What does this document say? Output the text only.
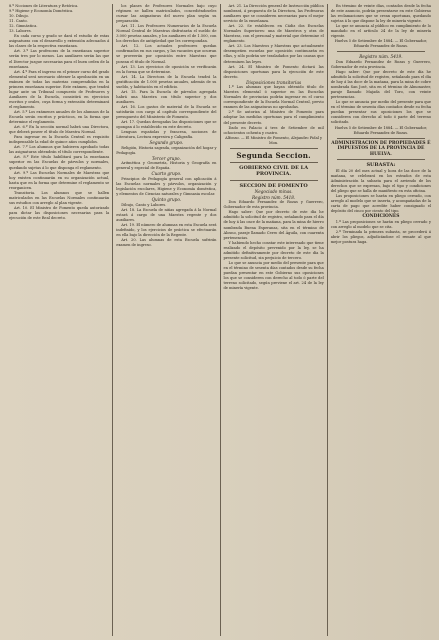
8.º Nociones de Literatura y Retórica.

9.º Higiene y Economía Doméstica.

10. Dibujo.

11. Canto.

12. Gimnástica.

13. Labores.

En cada curso y grado se dará el estudio de estas asignaturas con el desarrollo y extensión adecuados á las clases de la respectiva enseñanza.

Art. 3.º Las profesoras de la enseñanza superior serán tres por lo menos. Las auxiliares serán las que el Director juzgue necesarias para el buen orden de la enseñanza.

Art. 4.º Para el ingreso en el primer curso del grado elemental será necesario obtener la aprobación en un exámen de todas las materias comprendidas en la primera enseñanza superior. Este exámen, que tendrá lugar ante un Tribunal compuesto de Profesores y Auxiliares de la Escuela, consistirá en ejercicios escritos y orales, cuya forma y extensión determinará el reglamento.

Art. 5.º Los exámenes anuales de los alumnos de la Escuela serán escritos y prácticos, en la forma que determine el reglamento.

Art. 6.º En la sección normal habrá una Directora, que deberá poseer el título de Maestra Normal.

Para ingresar en la Escuela Central es requisito indispensable la edad de quince años cumplidos.

Art. 7.º Los alumnos que hubieren aprobado todas las asignaturas obtendrán el título correspondiente.

Art. 8.º Este título habilitará para la enseñanza superior en las Escuelas de párvulos y normales, quedando sujetas á lo que disponga el reglamento.

Art. 9.º Las Escuelas Normales de Maestras que hoy existen continuarán en su organización actual, hasta que en la forma que determine el reglamento se reorganicen.

Transitoria. Los alumnos que se hallen matriculados en las Escuelas Normales continuarán sus estudios con arreglo al plan vigente.

Art. 10. El Ministro de Fomento queda autorizado para dictar las disposiciones necesarias para la ejecución de este Real decreto.

los planes de Profesores Normales bajo cuyo régimen se hallen matriculados, concediéndoseles cursar las asignaturas del nuevo plan según su preparación.

Art. 11. Los Profesores Numerarios de la Escuela Normal Central de Maestras disfrutarán el sueldo de 3.000 pesetas anuales, y los auxiliares el de 1.500, con los derechos de antigüedad que les correspondan.

Art. 12. Los actuales profesores quedan confirmados en sus cargos, y las vacantes que ocurran se proveerán por oposición entre Maestras que posean el título de Normal.

Art. 13. Los ejercicios de oposición se verificarán en la forma que se determine.

Art. 14. La Directora de la Escuela tendrá la gratificación de 1.000 pesetas anuales, además de su sueldo, y habitación en el edificio.

Art. 15. Para la Escuela de párvulos agregada habrá una Maestra con título superior y dos auxiliares.

Art. 16. Los gastos de material de la Escuela se satisfarán con cargo al capítulo correspondiente del presupuesto del Ministerio de Fomento.

Art. 17. Quedan derogadas las disposiciones que se opongan á lo establecido en este decreto.

Lenguas españolas y francesa, nociones de Literatura, Lectura expresiva y Caligrafía.

Segundo grupo.

Religión, Historia sagrada, organización del hogar y Pedagogía.

Tercer grupo.

Aritmética y Geometría, Historia y Geografía en general y especial de España.

Cuarto grupo.

Principios de Pedagogía general con aplicación á las Escuelas normales y párvulos, organización y legislación escolares, Higiene y Economía doméstica, y elementos de Ciencias naturales y Gimnasia escolar.

Quinto grupo.

Dibujo, Canto y Labores.

Art. 18. La Escuela de niñas agregada á la Normal estará á cargo de una Maestra regente y dos auxiliares.

Art. 19. El número de alumnas en esta Escuela será indefinido, y los ejercicios de práctica se efectuarán en ella bajo la dirección de la Regente.

Art. 20. Las alumnas de esta Escuela sufrirán examen de ingreso.

Art. 21. La Dirección general de Instrucción pública nombrará, á propuesta de la Directora, las Profesoras auxiliares que se consideren necesarias para el mejor servicio de la enseñanza.

Art. 22. Se establecen en Cádiz dos Escuelas Normales Superiores: una de Maestros y otra de Maestras, con el personal y material que determine el reglamento.

Art. 23. Los Maestros y Maestras que actualmente desempeñen escuelas por oposición continuarán en ellas, y sólo podrán ser trasladados por las causas que determinen las leyes.

Art. 24. El Ministro de Fomento dictará las disposiciones oportunas para la ejecución de este decreto.

Disposiciones transitorias

1.ª Las alumnas que hayan obtenido título de Maestra elemental ó superior en las Escuelas Normales de provincias podrán ingresar en el curso correspondiente de la Escuela Normal Central, previo examen de las asignaturas no aprobadas.

2.ª Se autoriza al Ministro de Fomento para adoptar las medidas oportunas para el cumplimiento del presente decreto.

Dado en Palacio á tres de Setiembre de mil ochocientos ochenta y cuatro.

Alfonso. — El Ministro de Fomento, Alejandro Pidal y Mon.

Segunda Seccion.

GOBIERNO CIVIL DE LA PROVINCIA.

SECCION DE FOMENTO

Negociado minas.

Registro núm. 5418.

Don Eduardo Fernandez de Rozas y Guerrero, Gobernador de esta provincia.

Hago saber: Que por decreto de este día he admitido la solicitud de registro, señalando para el día de hoy á las once de la mañana, para la mina de hierro nombrada Buena Esperanza, sita en el término de Alosno, paraje llamado Cerro del Águila, con cuarenta pertenencias.

Y habiendo hecho constar este interesado que tiene realizado el depósito prevenido por la ley, se ha admitido definitivamente por decreto de este día la presente solicitud, sin perjuicio de tercero.

Lo que se anuncia por medio del presente para que en el término de sesenta días contados desde su fecha puedan presentar en este Gobierno sus oposiciones los que se consideren con derecho al todo ó parte del terreno solicitado, según previene el art. 24 de la ley de minería vigente.

En término de veinte días, contados desde la fecha de este anuncio, podrán presentarse en este Gobierno las reclamaciones que se crean oportunas, quedando sujetas á lo que dispone la ley de minería vigente.

Lo que se anuncia al público en cumplimiento de lo mandado en el artículo 24 de la ley de minería vigente.

Huelva 5 de Setiembre de 1884. — El Gobernador, Eduardo Fernandez de Rozas.

Registro núm. 5419.

Don Eduardo Fernandez de Rozas y Guerrero, Gobernador de esta provincia.

Hago saber: Que por decreto de este día he admitido la solicitud de registro, señalando para el día de hoy á las doce de la mañana, para la mina de cobre nombrada San José, sita en el término de Almonaster, paraje llamado Majada del Toro, con veinte pertenencias.

Lo que se anuncia por medio del presente para que en el término de sesenta días contados desde su fecha puedan presentar sus oposiciones los que se consideren con derecho al todo ó parte del terreno solicitado.

Huelva 5 de Setiembre de 1884. — El Gobernador, Eduardo Fernandez de Rozas.

ADMINISTRACION DE PROPIEDADES É IMPUESTOS DE LA PROVINCIA DE HUELVA.

SUBASTA:

El día 20 del mes actual y hora de las doce de la mañana, se celebrará en los estrados de esta Administración la subasta para el arriendo de los derechos que se expresan, bajo el tipo y condiciones del pliego que se halla de manifiesto en esta oficina.

Las proposiciones se harán en pliego cerrado, con arreglo al modelo que se inserta, y acompañadas de la carta de pago que acredite haber consignado el depósito del cinco por ciento del tipo.

CONDICIONES

1.ª Las proposiciones se harán en pliego cerrado y con arreglo al modelo que se cita.

2.ª Terminada la primera subasta, se procederá á abrir los pliegos, adjudicándose el remate al que mejor postura haga.
